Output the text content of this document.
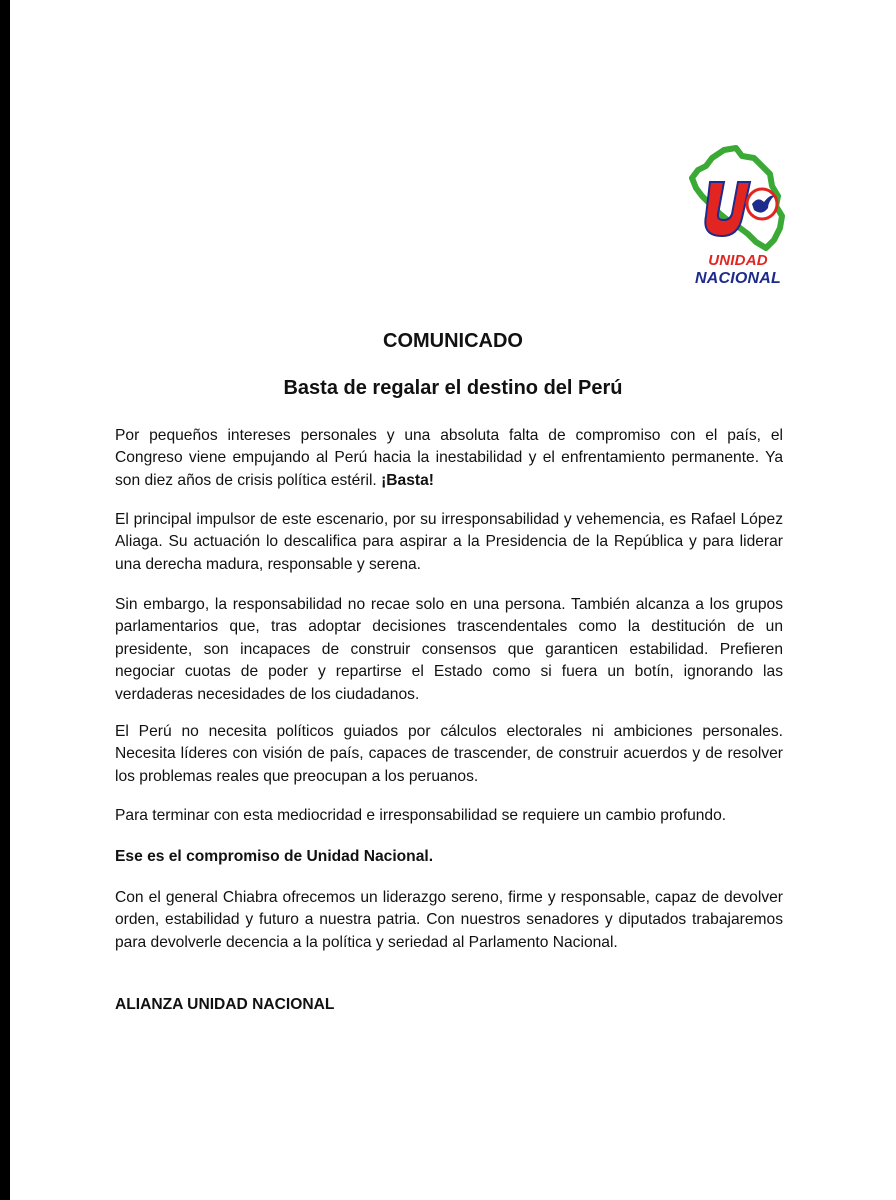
UNIDAD
NACIONAL
COMUNICADO
Basta de regalar el destino del Perú

Por pequeños intereses personales y una absoluta falta de compromiso con el país, el Congreso viene empujando al Perú hacia la inestabilidad y el enfrentamiento permanente. Ya son diez años de crisis política estéril. ¡Basta!

El principal impulsor de este escenario, por su irresponsabilidad y vehemencia, es Rafael López Aliaga. Su actuación lo descalifica para aspirar a la Presidencia de la República y para liderar una derecha madura, responsable y serena.

Sin embargo, la responsabilidad no recae solo en una persona. También alcanza a los grupos parlamentarios que, tras adoptar decisiones trascendentales como la destitución de un presidente, son incapaces de construir consensos que garanticen estabilidad. Prefieren negociar cuotas de poder y repartirse el Estado como si fuera un botín, ignorando las verdaderas necesidades de los ciudadanos.

El Perú no necesita políticos guiados por cálculos electorales ni ambiciones personales. Necesita líderes con visión de país, capaces de trascender, de construir acuerdos y de resolver los problemas reales que preocupan a los peruanos.

Para terminar con esta mediocridad e irresponsabilidad se requiere un cambio profundo.

Ese es el compromiso de Unidad Nacional.

Con el general Chiabra ofrecemos un liderazgo sereno, firme y responsable, capaz de devolver orden, estabilidad y futuro a nuestra patria. Con nuestros senadores y diputados trabajaremos para devolverle decencia a la política y seriedad al Parlamento Nacional.

ALIANZA UNIDAD NACIONAL
